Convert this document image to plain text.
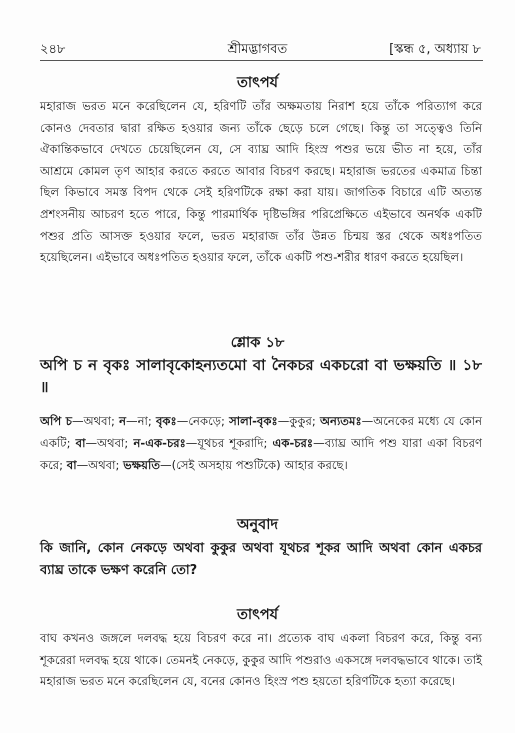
২৪৮	শ্রীমদ্ভাগবত	[স্কন্ধ ৫, অধ্যায় ৮
তাৎপর্য
মহারাজ ভরত মনে করেছিলেন যে, হরিণটি তাঁর অক্ষমতায় নিরাশ হয়ে তাঁকে পরিত্যাগ করে কোনও দেবতার দ্বারা রক্ষিত হওয়ার জন্য তাঁকে ছেড়ে চলে গেছে। কিন্তু তা সত্ত্বেও তিনি ঐকান্তিকভাবে দেখতে চেয়েছিলেন যে, সে ব্যাঘ্র আদি হিংস্র পশুর ভয়ে ভীত না হয়ে, তাঁর আশ্রমে কোমল তৃণ আহার করতে করতে আবার বিচরণ করছে। মহারাজ ভরতের একমাত্র চিন্তা ছিল কিভাবে সমস্ত বিপদ থেকে সেই হরিণটিকে রক্ষা করা যায়। জাগতিক বিচারে এটি অত্যন্ত প্রশংসনীয় আচরণ হতে পারে, কিন্তু পারমার্থিক দৃষ্টিভঙ্গির পরিপ্রেক্ষিতে এইভাবে অনর্থক একটি পশুর প্রতি আসক্ত হওয়ার ফলে, ভরত মহারাজ তাঁর উন্নত চিন্ময় স্তর থেকে অধঃপতিত হয়েছিলেন। এইভাবে অধঃপতিত হওয়ার ফলে, তাঁকে একটি পশু-শরীর ধারণ করতে হয়েছিল।
শ্লোক ১৮
অপি চ ন বৃকঃ সালাবৃকোহন্যতমো বা নৈকচর একচরো বা ভক্ষয়তি ॥ ১৮ ॥
অপি চ—অথবা; ন—না; বৃকঃ—নেকড়ে; সালা-বৃকঃ—কুকুর; অন্যতমঃ—অনেকের মধ্যে যে কোন একটি; বা—অথবা; ন-এক-চরঃ—যূথচর শূকরাদি; এক-চরঃ—ব্যাঘ্র আদি পশু যারা একা বিচরণ করে; বা—অথবা; ভক্ষয়তি—(সেই অসহায় পশুটিকে) আহার করছে।
অনুবাদ
কি জানি, কোন নেকড়ে অথবা কুকুর অথবা যূথচর শূকর আদি অথবা কোন একচর ব্যাঘ্র তাকে ভক্ষণ করেনি তো?
তাৎপর্য
বাঘ কখনও জঙ্গলে দলবদ্ধ হয়ে বিচরণ করে না। প্রত্যেক বাঘ একলা বিচরণ করে, কিন্তু বন্য শূকরেরা দলবদ্ধ হয়ে থাকে। তেমনই নেকড়ে, কুকুর আদি পশুরাও একসঙ্গে দলবদ্ধভাবে থাকে। তাই মহারাজ ভরত মনে করেছিলেন যে, বনের কোনও হিংস্র পশু হয়তো হরিণটিকে হত্যা করেছে।
